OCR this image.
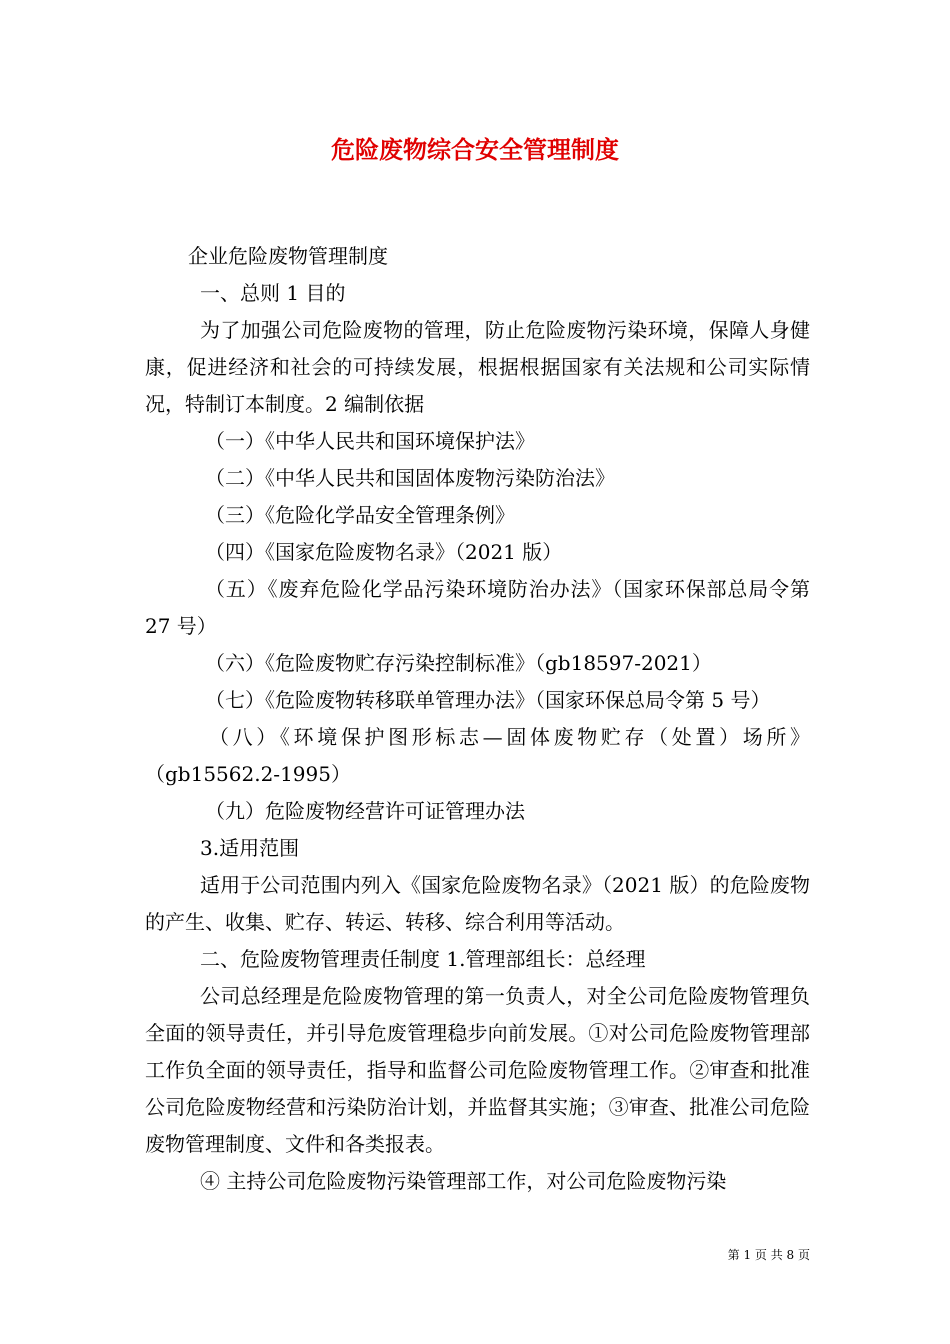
危险废物综合安全管理制度

企业危险废物管理制度

一、总则 1 目的

为了加强公司危险废物的管理，防止危险废物污染环境，保障人身健康，促进经济和社会的可持续发展，根据根据国家有关法规和公司实际情况，特制订本制度。2 编制依据

（一）《中华人民共和国环境保护法》

（二）《中华人民共和国固体废物污染防治法》

（三）《危险化学品安全管理条例》

（四）《国家危险废物名录》（2021 版）

（五）《废弃危险化学品污染环境防治办法》（国家环保部总局令第 27 号）

（六）《危险废物贮存污染控制标准》（gb18597-2021）

（七）《危险废物转移联单管理办法》（国家环保总局令第 5 号）

（八）《环境保护图形标志—固体废物贮存（处置）场所》（gb15562.2-1995）

（九）危险废物经营许可证管理办法

3.适用范围

适用于公司范围内列入《国家危险废物名录》（2021 版）的危险废物的产生、收集、贮存、转运、转移、综合利用等活动。

二、危险废物管理责任制度 1.管理部组长：总经理

公司总经理是危险废物管理的第一负责人，对全公司危险废物管理负全面的领导责任，并引导危废管理稳步向前发展。①对公司危险废物管理部工作负全面的领导责任，指导和监督公司危险废物管理工作。②审查和批准公司危险废物经营和污染防治计划，并监督其实施；③审查、批准公司危险废物管理制度、文件和各类报表。

④ 主持公司危险废物污染管理部工作，对公司危险废物污染

第 1 页 共 8 页
